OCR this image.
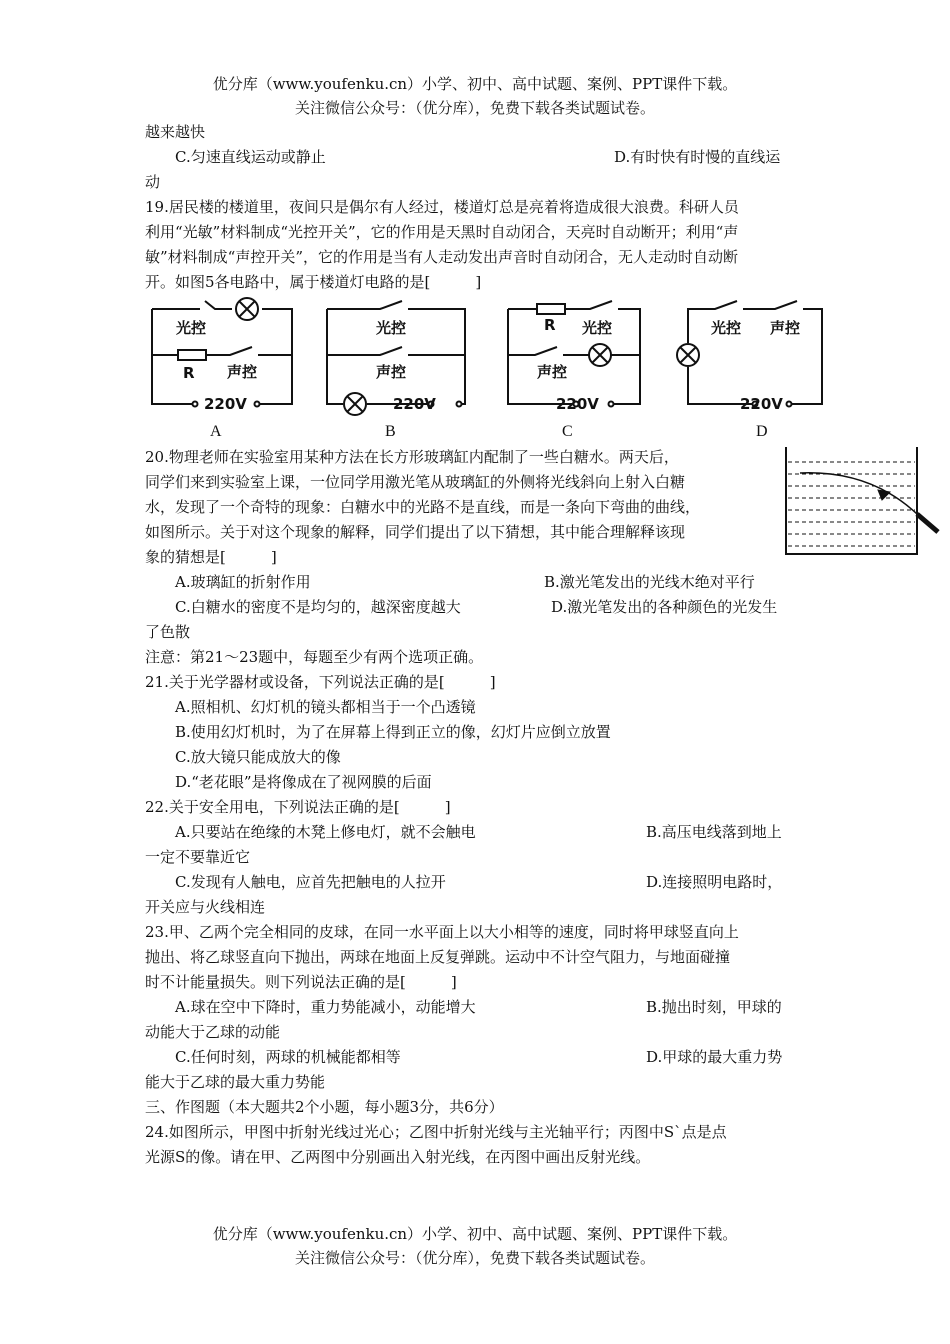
优分库（www.youfenku.cn）小学、初中、高中试题、案例、PPT课件下载。
关注微信公众号：（优分库），免费下载各类试题试卷。
越来越快
C.匀速直线运动或静止	D.有时快有时慢的直线运
动
19.居民楼的楼道里，夜间只是偶尔有人经过，楼道灯总是亮着将造成很大浪费。科研人员
利用“光敏”材料制成“光控开关”，它的作用是天黑时自动闭合，天亮时自动断开；利用“声
敏”材料制成“声控开关”，它的作用是当有人走动发出声音时自动闭合，无人走动时自动断
开。如图5各电路中，属于楼道灯电路的是[　　　]
光控
R 声控
220V
光控
声控
220V
R 光控
声控
220V
光控 声控
220V
A	B	C	D
20.物理老师在实验室用某种方法在长方形玻璃缸内配制了一些白糖水。两天后，
同学们来到实验室上课，一位同学用激光笔从玻璃缸的外侧将光线斜向上射入白糖
水，发现了一个奇特的现象：白糖水中的光路不是直线，而是一条向下弯曲的曲线，
如图所示。关于对这个现象的解释，同学们提出了以下猜想，其中能合理解释该现
象的猜想是[　　　]
A.玻璃缸的折射作用	B.激光笔发出的光线木绝对平行
C.白糖水的密度不是均匀的，越深密度越大	D.激光笔发出的各种颜色的光发生
了色散
注意：第21～23题中，每题至少有两个选项正确。
21.关于光学器材或设备，下列说法正确的是[　　　]
A.照相机、幻灯机的镜头都相当于一个凸透镜
B.使用幻灯机时，为了在屏幕上得到正立的像，幻灯片应倒立放置
C.放大镜只能成放大的像
D.“老花眼”是将像成在了视网膜的后面
22.关于安全用电，下列说法正确的是[　　　]
A.只要站在绝缘的木凳上修电灯，就不会触电	B.高压电线落到地上
一定不要靠近它
C.发现有人触电，应首先把触电的人拉开	D.连接照明电路时，
开关应与火线相连
23.甲、乙两个完全相同的皮球，在同一水平面上以大小相等的速度，同时将甲球竖直向上
抛出、将乙球竖直向下抛出，两球在地面上反复弹跳。运动中不计空气阻力，与地面碰撞
时不计能量损失。则下列说法正确的是[　　　]
A.球在空中下降时，重力势能减小，动能增大	B.抛出时刻，甲球的
动能大于乙球的动能
C.任何时刻，两球的机械能都相等	D.甲球的最大重力势
能大于乙球的最大重力势能
三、作图题（本大题共2个小题，每小题3分，共6分）
24.如图所示，甲图中折射光线过光心；乙图中折射光线与主光轴平行；丙图中S`点是点
光源S的像。请在甲、乙两图中分别画出入射光线，在丙图中画出反射光线。
优分库（www.youfenku.cn）小学、初中、高中试题、案例、PPT课件下载。
关注微信公众号：（优分库），免费下载各类试题试卷。
